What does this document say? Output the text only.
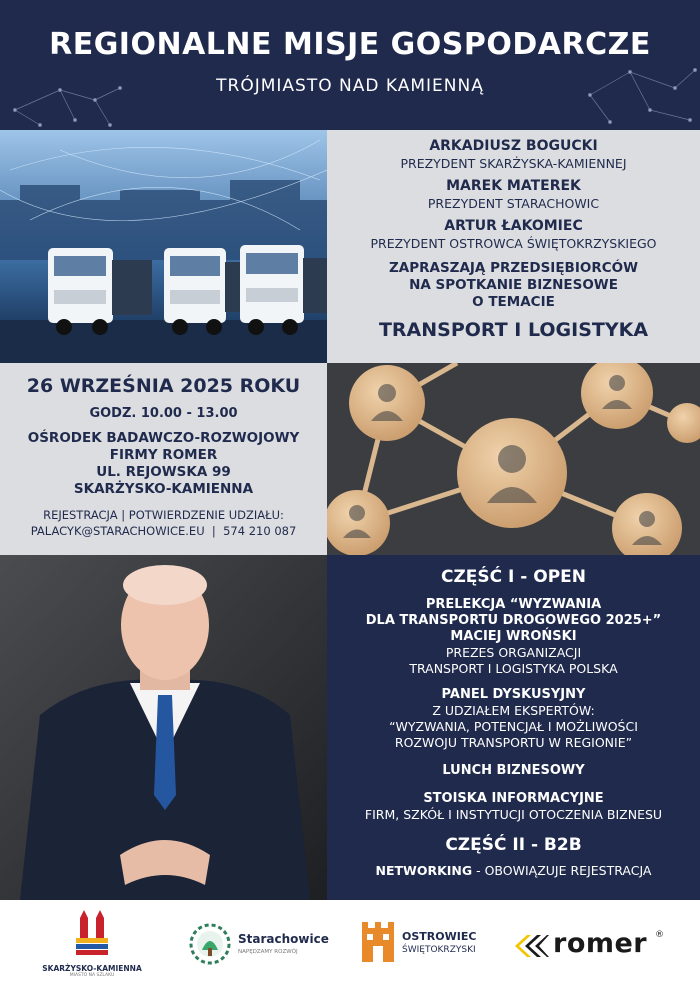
REGIONALNE MISJE GOSPODARCZE
TRÓJMIASTO NAD KAMIENNĄ
ARKADIUSZ BOGUCKI
PREZYDENT SKARŻYSKA-KAMIENNEJ
MAREK MATEREK
PREZYDENT STARACHOWIC
ARTUR ŁAKOMIEC
PREZYDENT OSTROWCA ŚWIĘTOKRZYSKIEGO
ZAPRASZAJĄ PRZEDSIĘBIORCÓW
NA SPOTKANIE BIZNESOWE
O TEMACIE
TRANSPORT I LOGISTYKA
26 WRZEŚNIA 2025 ROKU
GODZ. 10.00 - 13.00
OŚRODEK BADAWCZO-ROZWOJOWY
FIRMY ROMER
UL. REJOWSKA 99
SKARŻYSKO-KAMIENNA
REJESTRACJA | POTWIERDZENIE UDZIAŁU:
PALACYK@STARACHOWICE.EU  |  574 210 087
CZĘŚĆ I - OPEN
PRELEKCJA “WYZWANIA
DLA TRANSPORTU DROGOWEGO 2025+”
MACIEJ WROŃSKI
PREZES ORGANIZACJI
TRANSPORT I LOGISTYKA POLSKA
PANEL DYSKUSYJNY
Z UDZIAŁEM EKSPERTÓW:
“WYZWANIA, POTENCJAŁ I MOŻLIWOŚCI
ROZWOJU TRANSPORTU W REGIONIE”
LUNCH BIZNESOWY
STOISKA INFORMACYJNE
FIRM, SZKÓŁ I INSTYTUCJI OTOCZENIA BIZNESU
CZĘŚĆ II - B2B
NETWORKING - OBOWIĄZUJE REJESTRACJA
SKARŻYSKO-KAMIENNA
MIASTO NA SZLAKU
Starachowice
NAPĘDZAMY ROZWÓJ
OSTROWIEC
ŚWIĘTOKRZYSKI	romer ®
